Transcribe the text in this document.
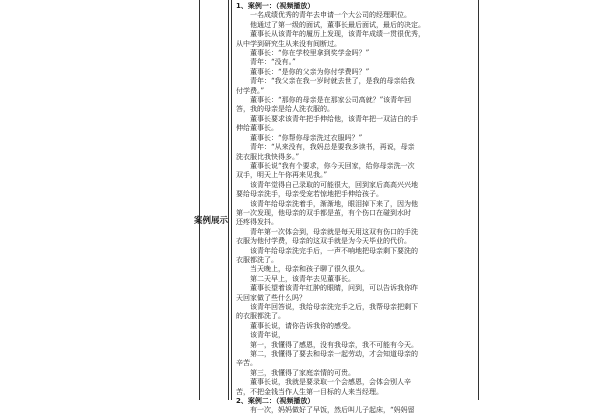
案例展示
1、案例一：（视频播放）
一名成绩优秀的青年去申请一个大公司的经理职位。
他通过了第一级的面试，董事长最后面试，最后的决定。
董事长从该青年的履历上发现，该青年成绩一贯很优秀，
从中学到研究生从来没有间断过。
董事长：“你在学校里拿到奖学金吗？”
青年：“没有。”
董事长：“是你的父亲为你付学费吗？”
青年：“我父亲在我一岁时就去世了，是我的母亲给我
付学费。”
董事长：“那你的母亲是在那家公司高就？”该青年回
答，我的母亲是给人洗衣服的。
董事长要求该青年把手伸给他，该青年把一双洁白的手
伸给董事长。
董事长：“你帮你母亲洗过衣服吗？”
青年：“从来没有，我妈总是要我多读书，再说，母亲
洗衣服比我快得多。”
董事长说“我有个要求，你今天回家，给你母亲洗一次
双手，明天上午你再来见我。”
该青年觉得自己录取的可能很大，回到家后高高兴兴地
要给母亲洗手，母亲受宠若惊地把手伸给孩子。
该青年给母亲洗着手，渐渐地，眼泪掉下来了，因为他
第一次发现，他母亲的双手都是茧，有个伤口在碰到水时
还疼得发抖。
青年第一次体会到，母亲就是每天用这双有伤口的手洗
衣服为他付学费，母亲的这双手就是为今天毕业的代价。
该青年给母亲洗完手后，一声不响地把母亲剩下要洗的
衣服都洗了。
当天晚上，母亲和孩子聊了很久很久。
第二天早上，该青年去见董事长。
董事长望着该青年红肿的眼睛，问到，可以告诉我你昨
天回家做了些什么吗？
该青年回答说，我给母亲洗完手之后，我帮母亲把剩下
的衣服都洗了。
董事长说，请你告诉我你的感受。
该青年说，
第一，我懂得了感恩，没有我母亲，我不可能有今天。
第二，我懂得了要去和母亲一起劳动，才会知道母亲的
辛苦。
第三，我懂得了家庭亲情的可贵。
董事长说，我就是要录取一个会感恩，会体会别人辛
苦，不把金钱当作人生第一目标的人来当经理。
2、案例二：（视频播放）
有一次，妈妈做好了早饭，然后叫儿子起床，“妈妈留
